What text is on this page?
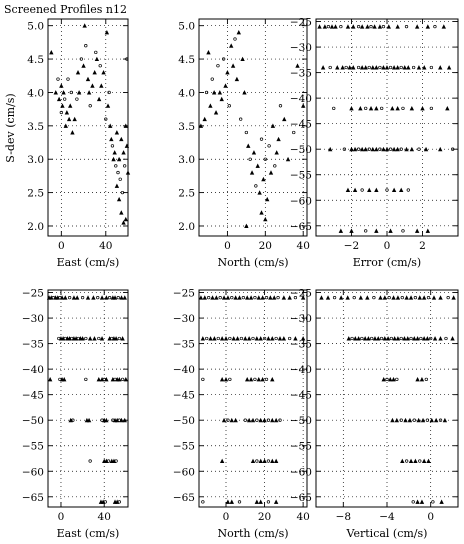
Screened Profiles n12
S-dev (cm/s)
0	40
2.0
2.5
3.0
3.5
4.0
4.5
5.0
East (cm/s)
0	20 40
2.0
2.5
3.0
3.5
4.0
4.5
5.0
North (cm/s)
−2 0	2
−65
−60
−55
−50
−45
−40
−35
−30
−25
Error (cm/s)
0	40
−65
−60
−55
−50
−45
−40
−35
−30
−25
East (cm/s)
0	20 40
−65
−60
−55
−50
−45
−40
−35
−30
−25
North (cm/s)
−8	−4	0
−65
−60
−55
−50
−45
−40
−35
−30
−25
Vertical (cm/s)
